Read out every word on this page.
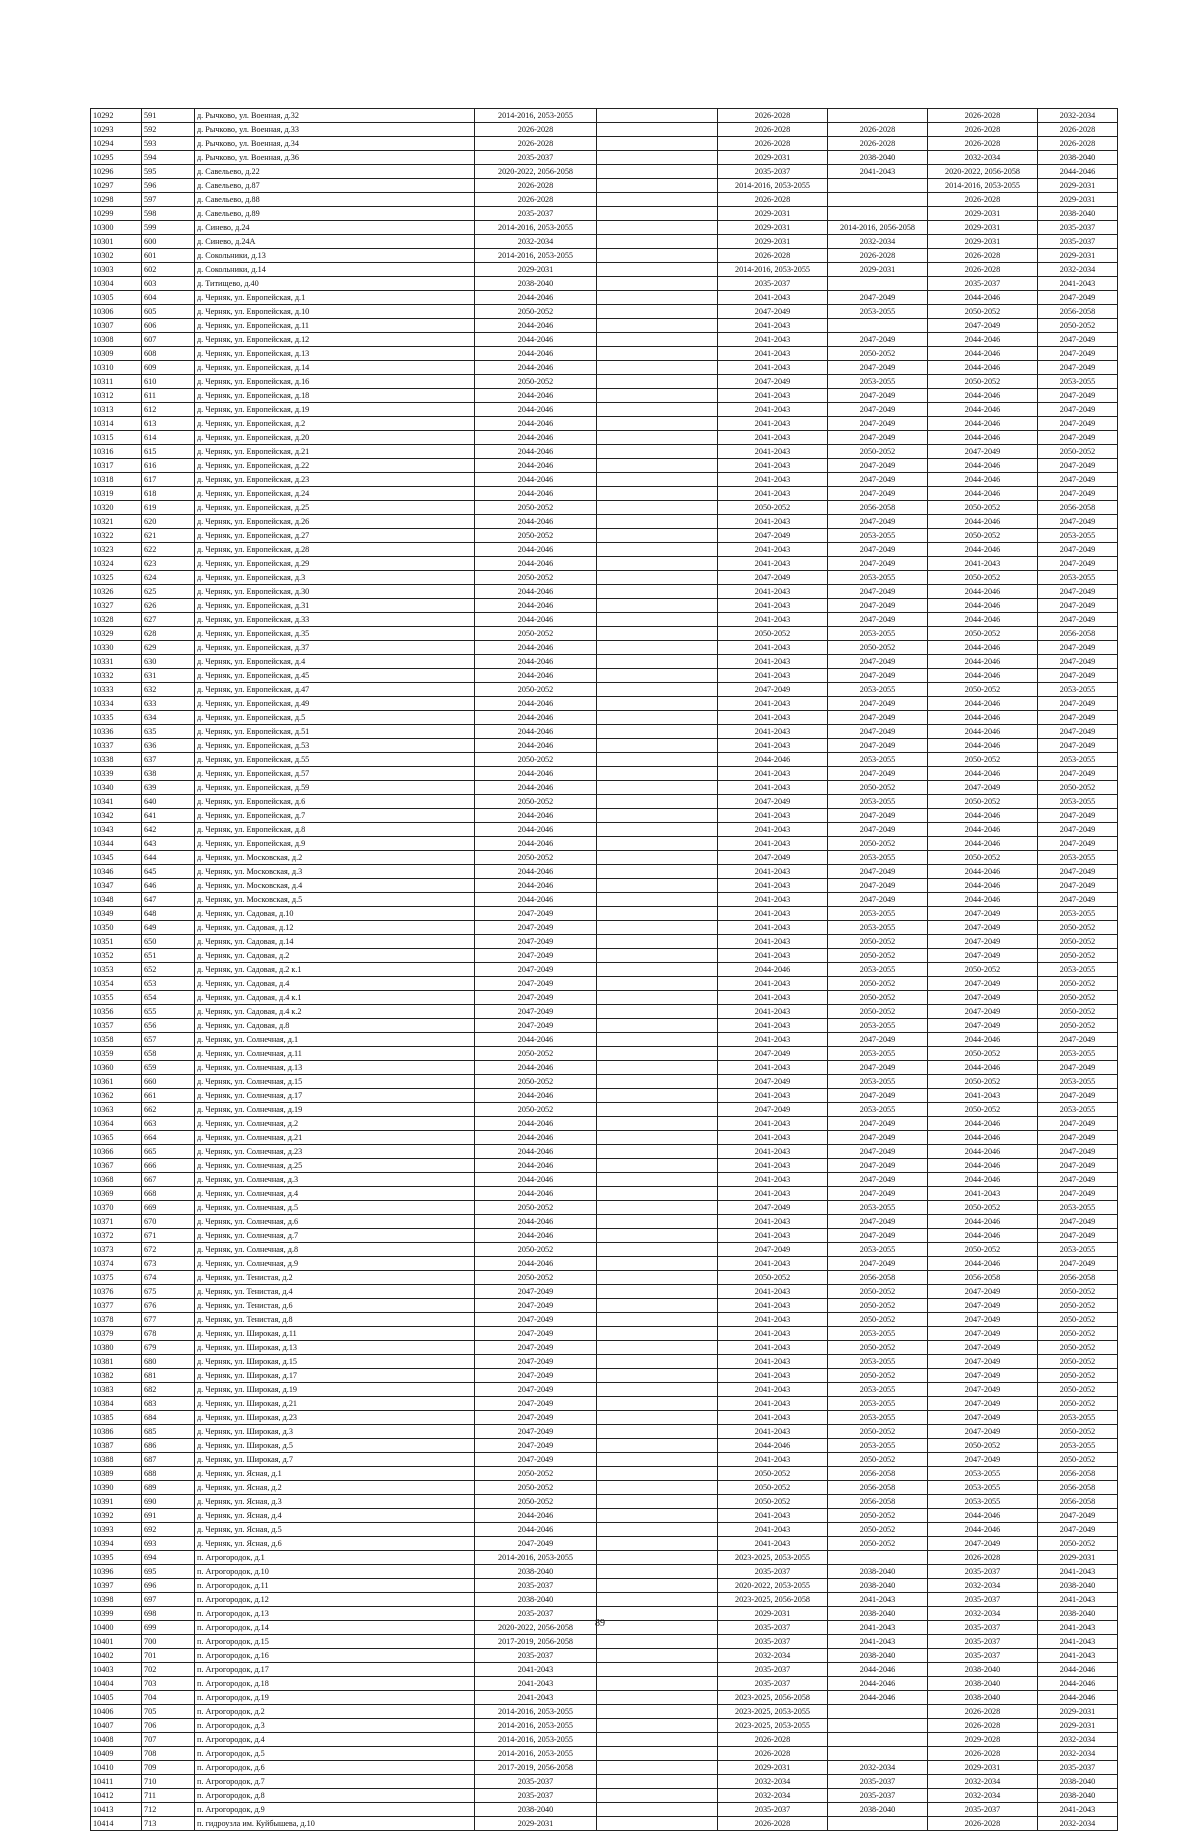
10292	591	д. Рычково, ул. Военная, д.32	2014-2016, 2053-2055		2026-2028		2026-2028	2032-2034
10293	592	д. Рычково, ул. Военная, д.33	2026-2028		2026-2028	2026-2028	2026-2028	2026-2028
10294	593	д. Рычково, ул. Военная, д.34	2026-2028		2026-2028	2026-2028	2026-2028	2026-2028
10295	594	д. Рычково, ул. Военная, д.36	2035-2037		2029-2031	2038-2040	2032-2034	2038-2040
10296	595	д. Савельево, д.22	2020-2022, 2056-2058		2035-2037	2041-2043	2020-2022, 2056-2058	2044-2046
10297	596	д. Савельево, д.87	2026-2028		2014-2016, 2053-2055		2014-2016, 2053-2055	2029-2031
10298	597	д. Савельево, д.88	2026-2028		2026-2028		2026-2028	2029-2031
10299	598	д. Савельево, д.89	2035-2037		2029-2031		2029-2031	2038-2040
10300	599	д. Синево, д.24	2014-2016, 2053-2055		2029-2031	2014-2016, 2056-2058	2029-2031	2035-2037
10301	600	д. Синево, д.24А	2032-2034		2029-2031	2032-2034	2029-2031	2035-2037
10302	601	д. Сокольники, д.13	2014-2016, 2053-2055		2026-2028	2026-2028	2026-2028	2029-2031
10303	602	д. Сокольники, д.14	2029-2031		2014-2016, 2053-2055	2029-2031	2026-2028	2032-2034
10304	603	д. Титищево, д.40	2038-2040		2035-2037		2035-2037	2041-2043
10305	604	д. Черняк, ул. Европейская, д.1	2044-2046		2041-2043	2047-2049	2044-2046	2047-2049
10306	605	д. Черняк, ул. Европейская, д.10	2050-2052		2047-2049	2053-2055	2050-2052	2056-2058
10307	606	д. Черняк, ул. Европейская, д.11	2044-2046		2041-2043		2047-2049	2050-2052
10308	607	д. Черняк, ул. Европейская, д.12	2044-2046		2041-2043	2047-2049	2044-2046	2047-2049
10309	608	д. Черняк, ул. Европейская, д.13	2044-2046		2041-2043	2050-2052	2044-2046	2047-2049
10310	609	д. Черняк, ул. Европейская, д.14	2044-2046		2041-2043	2047-2049	2044-2046	2047-2049
10311	610	д. Черняк, ул. Европейская, д.16	2050-2052		2047-2049	2053-2055	2050-2052	2053-2055
10312	611	д. Черняк, ул. Европейская, д.18	2044-2046		2041-2043	2047-2049	2044-2046	2047-2049
10313	612	д. Черняк, ул. Европейская, д.19	2044-2046		2041-2043	2047-2049	2044-2046	2047-2049
10314	613	д. Черняк, ул. Европейская, д.2	2044-2046		2041-2043	2047-2049	2044-2046	2047-2049
10315	614	д. Черняк, ул. Европейская, д.20	2044-2046		2041-2043	2047-2049	2044-2046	2047-2049
10316	615	д. Черняк, ул. Европейская, д.21	2044-2046		2041-2043	2050-2052	2047-2049	2050-2052
10317	616	д. Черняк, ул. Европейская, д.22	2044-2046		2041-2043	2047-2049	2044-2046	2047-2049
10318	617	д. Черняк, ул. Европейская, д.23	2044-2046		2041-2043	2047-2049	2044-2046	2047-2049
10319	618	д. Черняк, ул. Европейская, д.24	2044-2046		2041-2043	2047-2049	2044-2046	2047-2049
10320	619	д. Черняк, ул. Европейская, д.25	2050-2052		2050-2052	2056-2058	2050-2052	2056-2058
10321	620	д. Черняк, ул. Европейская, д.26	2044-2046		2041-2043	2047-2049	2044-2046	2047-2049
10322	621	д. Черняк, ул. Европейская, д.27	2050-2052		2047-2049	2053-2055	2050-2052	2053-2055
10323	622	д. Черняк, ул. Европейская, д.28	2044-2046		2041-2043	2047-2049	2044-2046	2047-2049
10324	623	д. Черняк, ул. Европейская, д.29	2044-2046		2041-2043	2047-2049	2041-2043	2047-2049
10325	624	д. Черняк, ул. Европейская, д.3	2050-2052		2047-2049	2053-2055	2050-2052	2053-2055
10326	625	д. Черняк, ул. Европейская, д.30	2044-2046		2041-2043	2047-2049	2044-2046	2047-2049
10327	626	д. Черняк, ул. Европейская, д.31	2044-2046		2041-2043	2047-2049	2044-2046	2047-2049
10328	627	д. Черняк, ул. Европейская, д.33	2044-2046		2041-2043	2047-2049	2044-2046	2047-2049
10329	628	д. Черняк, ул. Европейская, д.35	2050-2052		2050-2052	2053-2055	2050-2052	2056-2058
10330	629	д. Черняк, ул. Европейская, д.37	2044-2046		2041-2043	2050-2052	2044-2046	2047-2049
10331	630	д. Черняк, ул. Европейская, д.4	2044-2046		2041-2043	2047-2049	2044-2046	2047-2049
10332	631	д. Черняк, ул. Европейская, д.45	2044-2046		2041-2043	2047-2049	2044-2046	2047-2049
10333	632	д. Черняк, ул. Европейская, д.47	2050-2052		2047-2049	2053-2055	2050-2052	2053-2055
10334	633	д. Черняк, ул. Европейская, д.49	2044-2046		2041-2043	2047-2049	2044-2046	2047-2049
10335	634	д. Черняк, ул. Европейская, д.5	2044-2046		2041-2043	2047-2049	2044-2046	2047-2049
10336	635	д. Черняк, ул. Европейская, д.51	2044-2046		2041-2043	2047-2049	2044-2046	2047-2049
10337	636	д. Черняк, ул. Европейская, д.53	2044-2046		2041-2043	2047-2049	2044-2046	2047-2049
10338	637	д. Черняк, ул. Европейская, д.55	2050-2052		2044-2046	2053-2055	2050-2052	2053-2055
10339	638	д. Черняк, ул. Европейская, д.57	2044-2046		2041-2043	2047-2049	2044-2046	2047-2049
10340	639	д. Черняк, ул. Европейская, д.59	2044-2046		2041-2043	2050-2052	2047-2049	2050-2052
10341	640	д. Черняк, ул. Европейская, д.6	2050-2052		2047-2049	2053-2055	2050-2052	2053-2055
10342	641	д. Черняк, ул. Европейская, д.7	2044-2046		2041-2043	2047-2049	2044-2046	2047-2049
10343	642	д. Черняк, ул. Европейская, д.8	2044-2046		2041-2043	2047-2049	2044-2046	2047-2049
10344	643	д. Черняк, ул. Европейская, д.9	2044-2046		2041-2043	2050-2052	2044-2046	2047-2049
10345	644	д. Черняк, ул. Московская, д.2	2050-2052		2047-2049	2053-2055	2050-2052	2053-2055
10346	645	д. Черняк, ул. Московская, д.3	2044-2046		2041-2043	2047-2049	2044-2046	2047-2049
10347	646	д. Черняк, ул. Московская, д.4	2044-2046		2041-2043	2047-2049	2044-2046	2047-2049
10348	647	д. Черняк, ул. Московская, д.5	2044-2046		2041-2043	2047-2049	2044-2046	2047-2049
10349	648	д. Черняк, ул. Садовая, д.10	2047-2049		2041-2043	2053-2055	2047-2049	2053-2055
10350	649	д. Черняк, ул. Садовая, д.12	2047-2049		2041-2043	2053-2055	2047-2049	2050-2052
10351	650	д. Черняк, ул. Садовая, д.14	2047-2049		2041-2043	2050-2052	2047-2049	2050-2052
10352	651	д. Черняк, ул. Садовая, д.2	2047-2049		2041-2043	2050-2052	2047-2049	2050-2052
10353	652	д. Черняк, ул. Садовая, д.2 к.1	2047-2049		2044-2046	2053-2055	2050-2052	2053-2055
10354	653	д. Черняк, ул. Садовая, д.4	2047-2049		2041-2043	2050-2052	2047-2049	2050-2052
10355	654	д. Черняк, ул. Садовая, д.4 к.1	2047-2049		2041-2043	2050-2052	2047-2049	2050-2052
10356	655	д. Черняк, ул. Садовая, д.4 к.2	2047-2049		2041-2043	2050-2052	2047-2049	2050-2052
10357	656	д. Черняк, ул. Садовая, д.8	2047-2049		2041-2043	2053-2055	2047-2049	2050-2052
10358	657	д. Черняк, ул. Солнечная, д.1	2044-2046		2041-2043	2047-2049	2044-2046	2047-2049
10359	658	д. Черняк, ул. Солнечная, д.11	2050-2052		2047-2049	2053-2055	2050-2052	2053-2055
10360	659	д. Черняк, ул. Солнечная, д.13	2044-2046		2041-2043	2047-2049	2044-2046	2047-2049
10361	660	д. Черняк, ул. Солнечная, д.15	2050-2052		2047-2049	2053-2055	2050-2052	2053-2055
10362	661	д. Черняк, ул. Солнечная, д.17	2044-2046		2041-2043	2047-2049	2041-2043	2047-2049
10363	662	д. Черняк, ул. Солнечная, д.19	2050-2052		2047-2049	2053-2055	2050-2052	2053-2055
10364	663	д. Черняк, ул. Солнечная, д.2	2044-2046		2041-2043	2047-2049	2044-2046	2047-2049
10365	664	д. Черняк, ул. Солнечная, д.21	2044-2046		2041-2043	2047-2049	2044-2046	2047-2049
10366	665	д. Черняк, ул. Солнечная, д.23	2044-2046		2041-2043	2047-2049	2044-2046	2047-2049
10367	666	д. Черняк, ул. Солнечная, д.25	2044-2046		2041-2043	2047-2049	2044-2046	2047-2049
10368	667	д. Черняк, ул. Солнечная, д.3	2044-2046		2041-2043	2047-2049	2044-2046	2047-2049
10369	668	д. Черняк, ул. Солнечная, д.4	2044-2046		2041-2043	2047-2049	2041-2043	2047-2049
10370	669	д. Черняк, ул. Солнечная, д.5	2050-2052		2047-2049	2053-2055	2050-2052	2053-2055
10371	670	д. Черняк, ул. Солнечная, д.6	2044-2046		2041-2043	2047-2049	2044-2046	2047-2049
10372	671	д. Черняк, ул. Солнечная, д.7	2044-2046		2041-2043	2047-2049	2044-2046	2047-2049
10373	672	д. Черняк, ул. Солнечная, д.8	2050-2052		2047-2049	2053-2055	2050-2052	2053-2055
10374	673	д. Черняк, ул. Солнечная, д.9	2044-2046		2041-2043	2047-2049	2044-2046	2047-2049
10375	674	д. Черняк, ул. Тенистая, д.2	2050-2052		2050-2052	2056-2058	2056-2058	2056-2058
10376	675	д. Черняк, ул. Тенистая, д.4	2047-2049		2041-2043	2050-2052	2047-2049	2050-2052
10377	676	д. Черняк, ул. Тенистая, д.6	2047-2049		2041-2043	2050-2052	2047-2049	2050-2052
10378	677	д. Черняк, ул. Тенистая, д.8	2047-2049		2041-2043	2050-2052	2047-2049	2050-2052
10379	678	д. Черняк, ул. Широкая, д.11	2047-2049		2041-2043	2053-2055	2047-2049	2050-2052
10380	679	д. Черняк, ул. Широкая, д.13	2047-2049		2041-2043	2050-2052	2047-2049	2050-2052
10381	680	д. Черняк, ул. Широкая, д.15	2047-2049		2041-2043	2053-2055	2047-2049	2050-2052
10382	681	д. Черняк, ул. Широкая, д.17	2047-2049		2041-2043	2050-2052	2047-2049	2050-2052
10383	682	д. Черняк, ул. Широкая, д.19	2047-2049		2041-2043	2053-2055	2047-2049	2050-2052
10384	683	д. Черняк, ул. Широкая, д.21	2047-2049		2041-2043	2053-2055	2047-2049	2050-2052
10385	684	д. Черняк, ул. Широкая, д.23	2047-2049		2041-2043	2053-2055	2047-2049	2053-2055
10386	685	д. Черняк, ул. Широкая, д.3	2047-2049		2041-2043	2050-2052	2047-2049	2050-2052
10387	686	д. Черняк, ул. Широкая, д.5	2047-2049		2044-2046	2053-2055	2050-2052	2053-2055
10388	687	д. Черняк, ул. Широкая, д.7	2047-2049		2041-2043	2050-2052	2047-2049	2050-2052
10389	688	д. Черняк, ул. Ясная, д.1	2050-2052		2050-2052	2056-2058	2053-2055	2056-2058
10390	689	д. Черняк, ул. Ясная, д.2	2050-2052		2050-2052	2056-2058	2053-2055	2056-2058
10391	690	д. Черняк, ул. Ясная, д.3	2050-2052		2050-2052	2056-2058	2053-2055	2056-2058
10392	691	д. Черняк, ул. Ясная, д.4	2044-2046		2041-2043	2050-2052	2044-2046	2047-2049
10393	692	д. Черняк, ул. Ясная, д.5	2044-2046		2041-2043	2050-2052	2044-2046	2047-2049
10394	693	д. Черняк, ул. Ясная, д.6	2047-2049		2041-2043	2050-2052	2047-2049	2050-2052
10395	694	п. Агрогородок, д.1	2014-2016, 2053-2055		2023-2025, 2053-2055		2026-2028	2029-2031
10396	695	п. Агрогородок, д.10	2038-2040		2035-2037	2038-2040	2035-2037	2041-2043
10397	696	п. Агрогородок, д.11	2035-2037		2020-2022, 2053-2055	2038-2040	2032-2034	2038-2040
10398	697	п. Агрогородок, д.12	2038-2040		2023-2025, 2056-2058	2041-2043	2035-2037	2041-2043
10399	698	п. Агрогородок, д.13	2035-2037		2029-2031	2038-2040	2032-2034	2038-2040
10400	699	п. Агрогородок, д.14	2020-2022, 2056-2058		2035-2037	2041-2043	2035-2037	2041-2043
10401	700	п. Агрогородок, д.15	2017-2019, 2056-2058		2035-2037	2041-2043	2035-2037	2041-2043
10402	701	п. Агрогородок, д.16	2035-2037		2032-2034	2038-2040	2035-2037	2041-2043
10403	702	п. Агрогородок, д.17	2041-2043		2035-2037	2044-2046	2038-2040	2044-2046
10404	703	п. Агрогородок, д.18	2041-2043		2035-2037	2044-2046	2038-2040	2044-2046
10405	704	п. Агрогородок, д.19	2041-2043		2023-2025, 2056-2058	2044-2046	2038-2040	2044-2046
10406	705	п. Агрогородок, д.2	2014-2016, 2053-2055		2023-2025, 2053-2055		2026-2028	2029-2031
10407	706	п. Агрогородок, д.3	2014-2016, 2053-2055		2023-2025, 2053-2055		2026-2028	2029-2031
10408	707	п. Агрогородок, д.4	2014-2016, 2053-2055		2026-2028		2029-2028	2032-2034
10409	708	п. Агрогородок, д.5	2014-2016, 2053-2055		2026-2028		2026-2028	2032-2034
10410	709	п. Агрогородок, д.6	2017-2019, 2056-2058		2029-2031	2032-2034	2029-2031	2035-2037
10411	710	п. Агрогородок, д.7	2035-2037		2032-2034	2035-2037	2032-2034	2038-2040
10412	711	п. Агрогородок, д.8	2035-2037		2032-2034	2035-2037	2032-2034	2038-2040
10413	712	п. Агрогородок, д.9	2038-2040		2035-2037	2038-2040	2035-2037	2041-2043
10414	713	п. гидроузла им. Куйбышева, д.10	2029-2031		2026-2028		2026-2028	2032-2034
89
